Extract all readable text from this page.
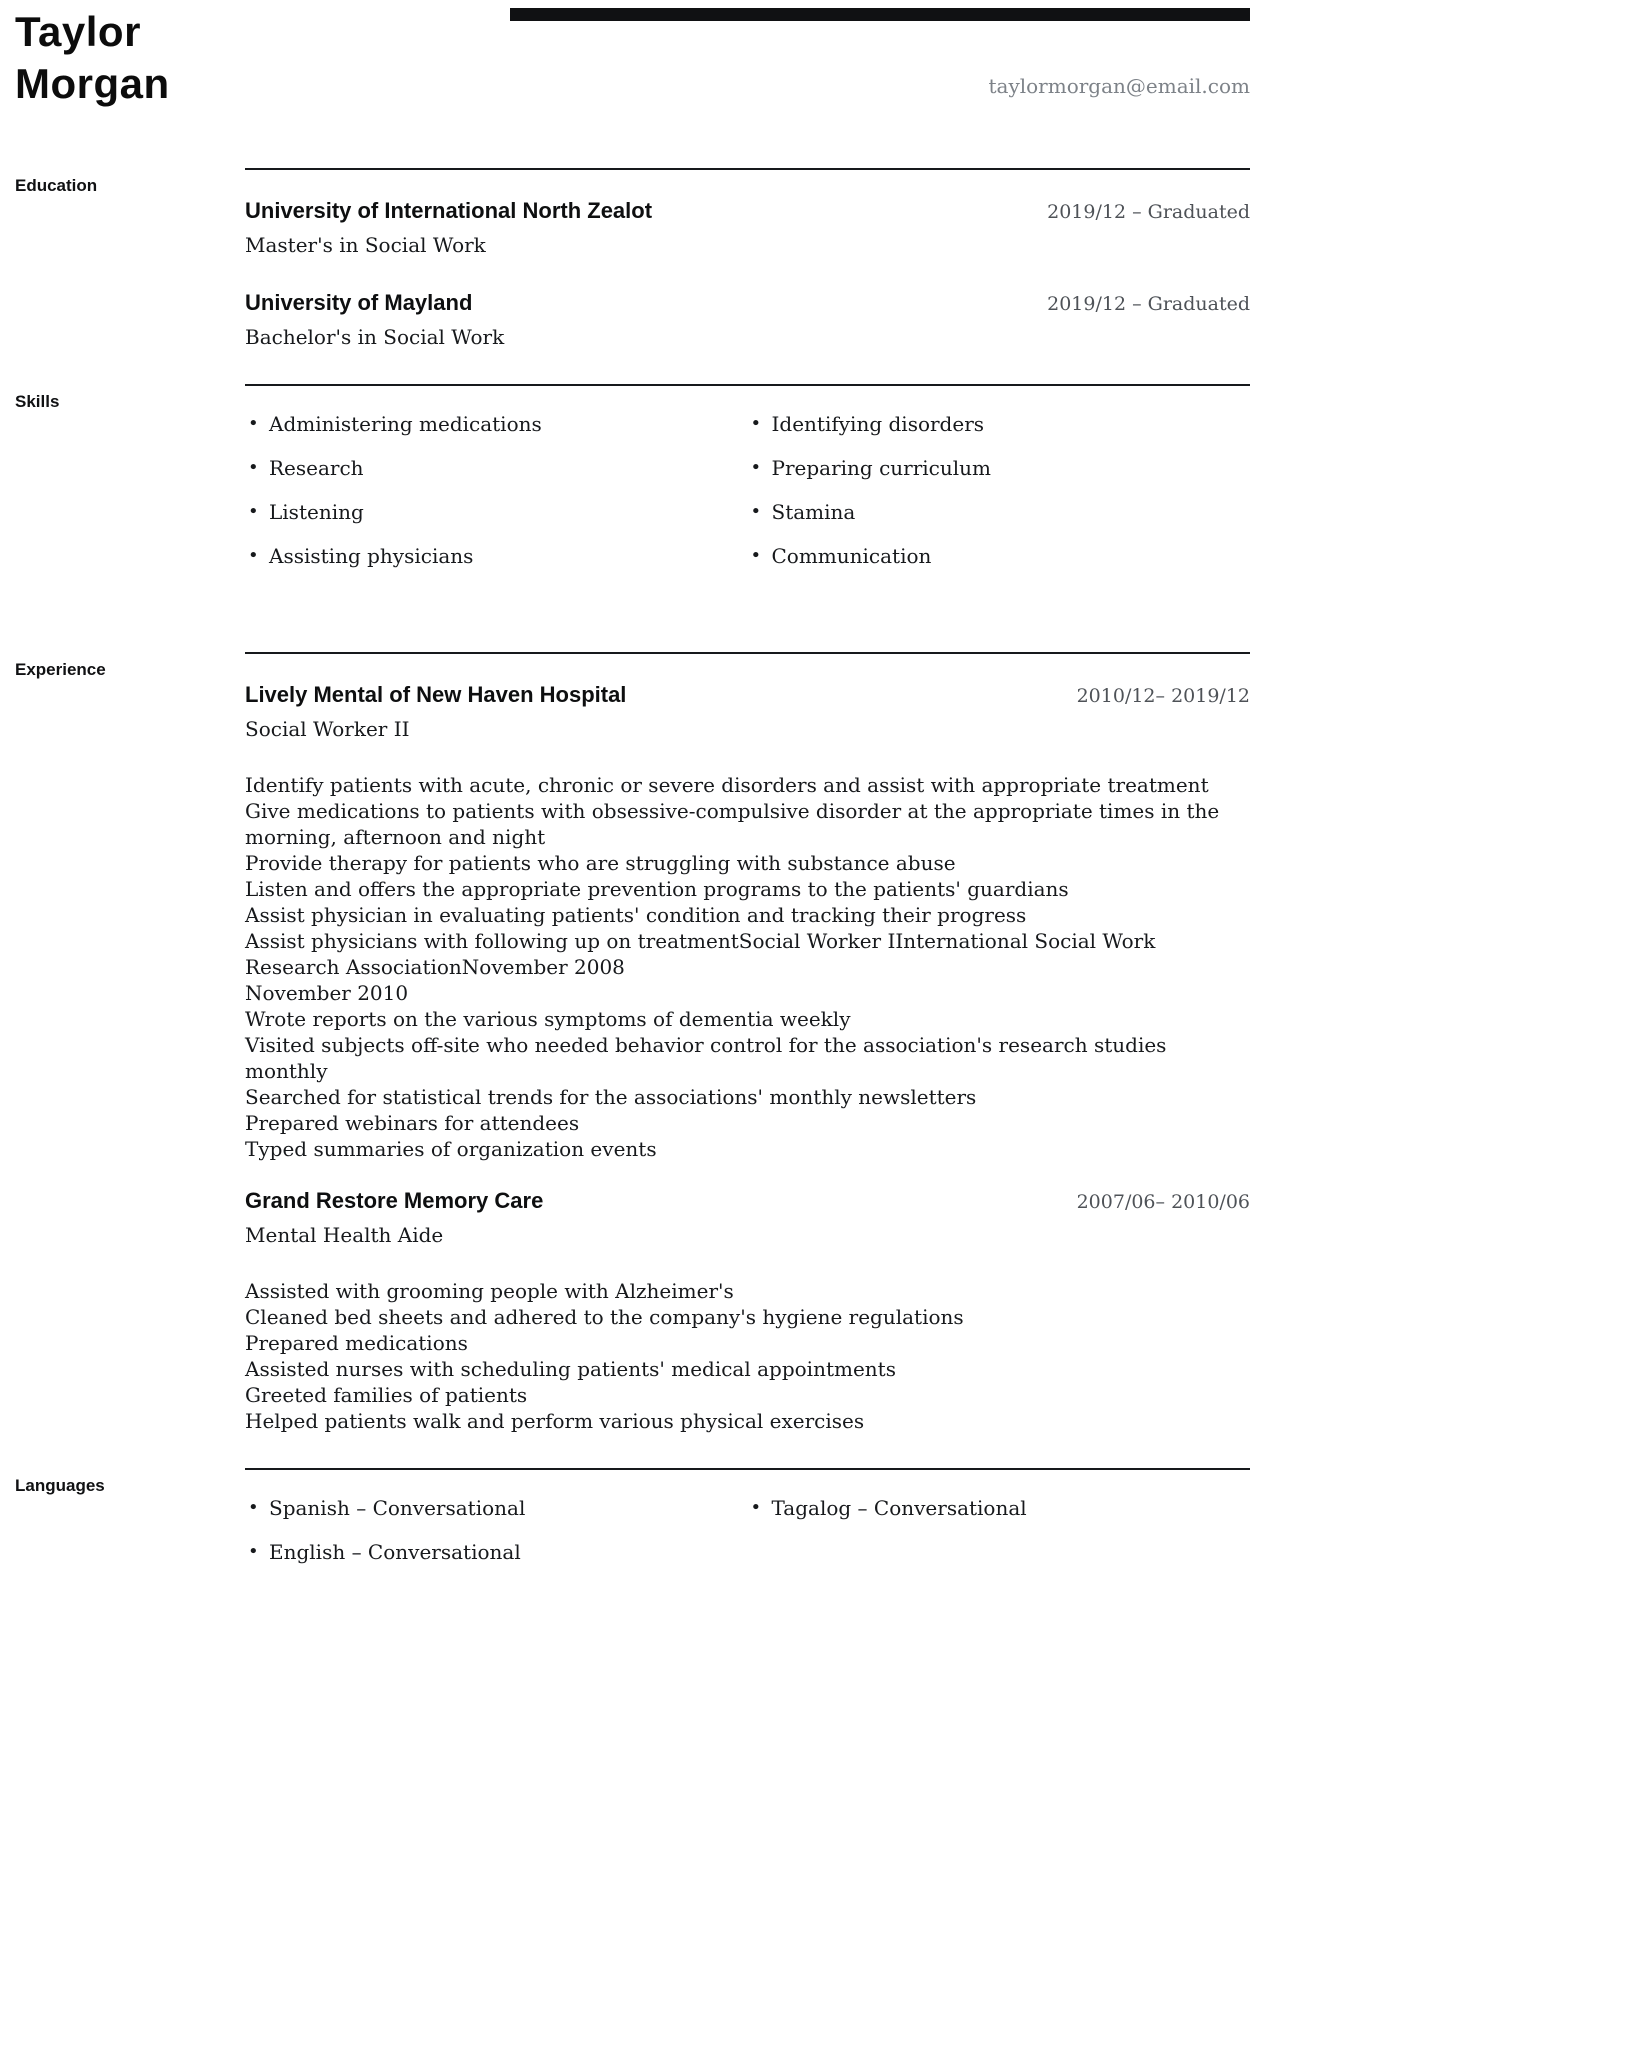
Taylor
Morgan	taylormorgan@email.com
Education
University of International North Zealot	2019/12 – Graduated
Master's in Social Work
University of Mayland	2019/12 – Graduated
Bachelor's in Social Work
Skills
• Administering medications
• Research
• Listening
• Assisting physicians
• Identifying disorders
• Preparing curriculum
• Stamina
• Communication
Experience
Lively Mental of New Haven Hospital	2010/12– 2019/12
Social Worker II
Identify patients with acute, chronic or severe disorders and assist with appropriate treatment
Give medications to patients with obsessive-compulsive disorder at the appropriate times in the morning, afternoon and night
Provide therapy for patients who are struggling with substance abuse
Listen and offers the appropriate prevention programs to the patients' guardians
Assist physician in evaluating patients' condition and tracking their progress
Assist physicians with following up on treatmentSocial Worker IInternational Social Work Research AssociationNovember 2008
November 2010
Wrote reports on the various symptoms of dementia weekly
Visited subjects off-site who needed behavior control for the association's research studies monthly
Searched for statistical trends for the associations' monthly newsletters
Prepared webinars for attendees
Typed summaries of organization events
Grand Restore Memory Care	2007/06– 2010/06
Mental Health Aide
Assisted with grooming people with Alzheimer's
Cleaned bed sheets and adhered to the company's hygiene regulations
Prepared medications
Assisted nurses with scheduling patients' medical appointments
Greeted families of patients
Helped patients walk and perform various physical exercises
Languages
• Spanish – Conversational
• English – Conversational
• Tagalog – Conversational
